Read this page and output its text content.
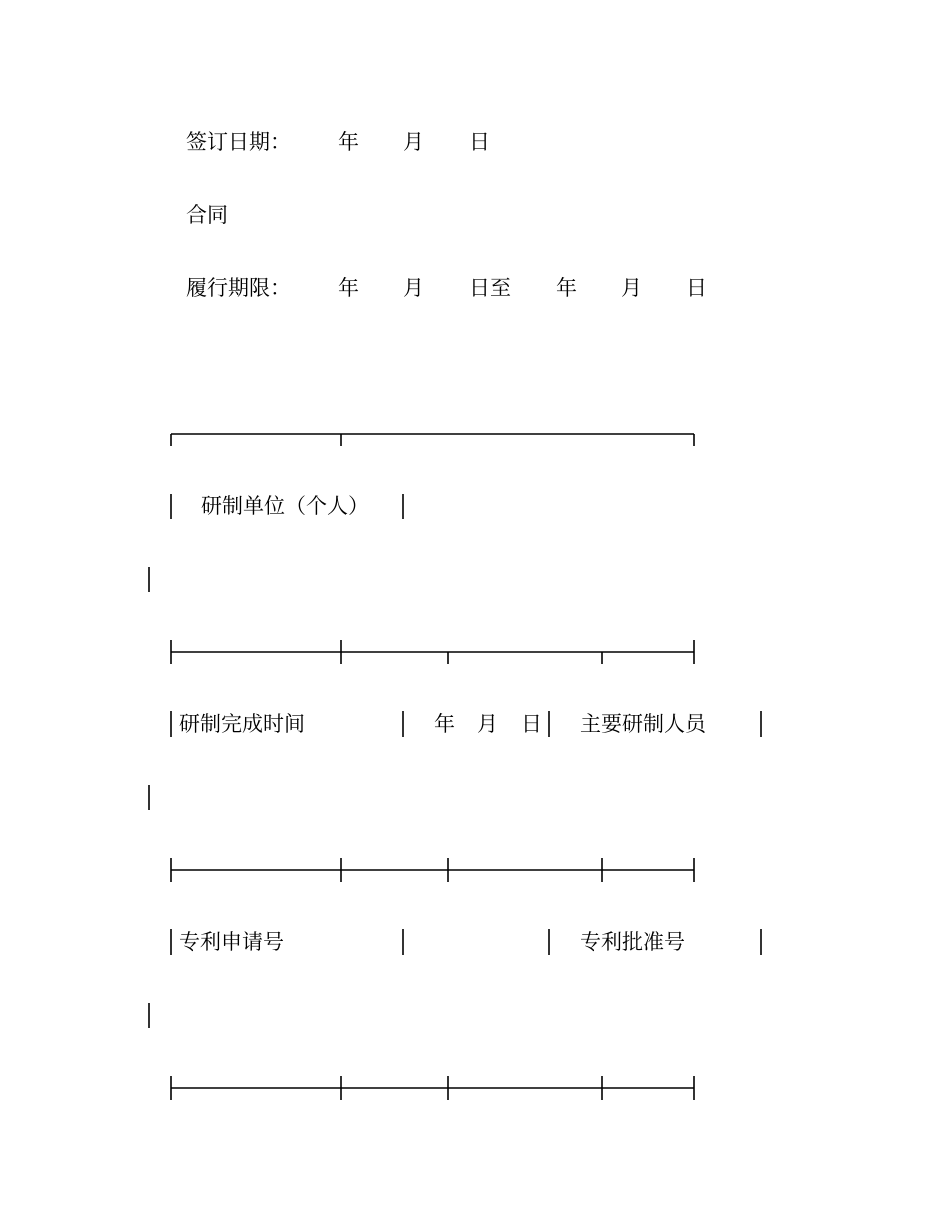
签订日期： 年 月 日
合同
履行期限： 年 月 日至 年 月 日
研制单位（个人）
研制完成时间	年 月 日 主要研制人员
专利申请号	专利批准号
